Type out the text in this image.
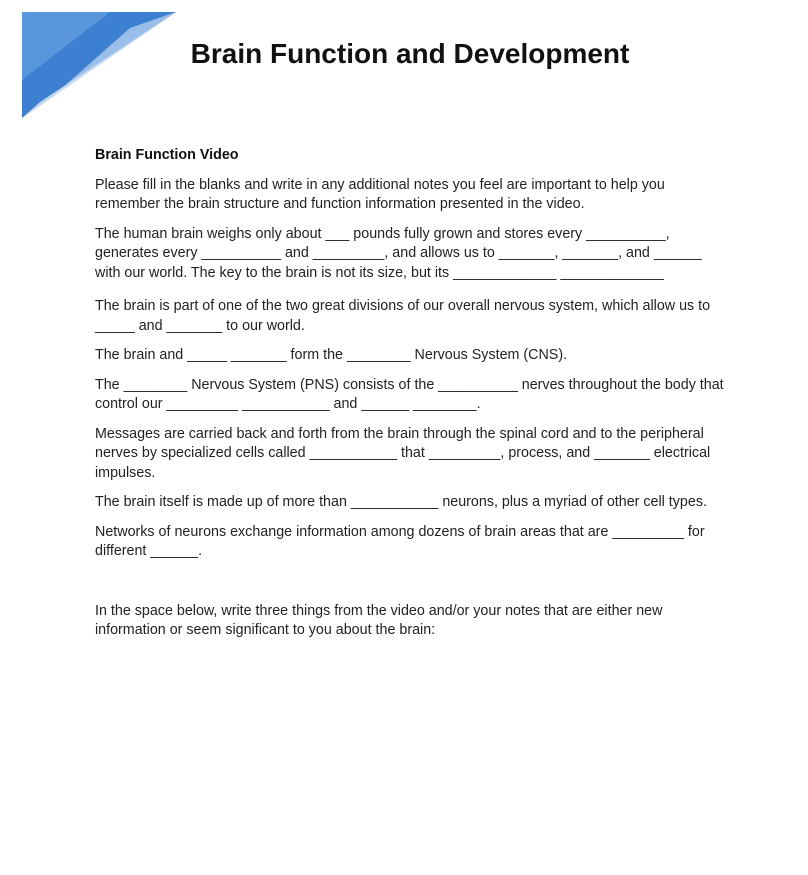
Brain Function and Development
Brain Function Video

Please fill in the blanks and write in any additional notes you feel are important to help you remember the brain structure and function information presented in the video.

The human brain weighs only about ___ pounds fully grown and stores every __________, generates every __________ and _________, and allows us to _______, _______, and ______ with our world. The key to the brain is not its size, but its _____________ _____________

The brain is part of one of the two great divisions of our overall nervous system, which allow us to _____ and _______ to our world.

The brain and _____ _______ form the ________ Nervous System (CNS).

The ________ Nervous System (PNS) consists of the __________ nerves throughout the body that control our _________ ___________ and ______ ________.

Messages are carried back and forth from the brain through the spinal cord and to the peripheral nerves by specialized cells called ___________ that _________, process, and _______ electrical impulses.

The brain itself is made up of more than ___________ neurons, plus a myriad of other cell types.

Networks of neurons exchange information among dozens of brain areas that are _________ for different ______.

In the space below, write three things from the video and/or your notes that are either new information or seem significant to you about the brain:
